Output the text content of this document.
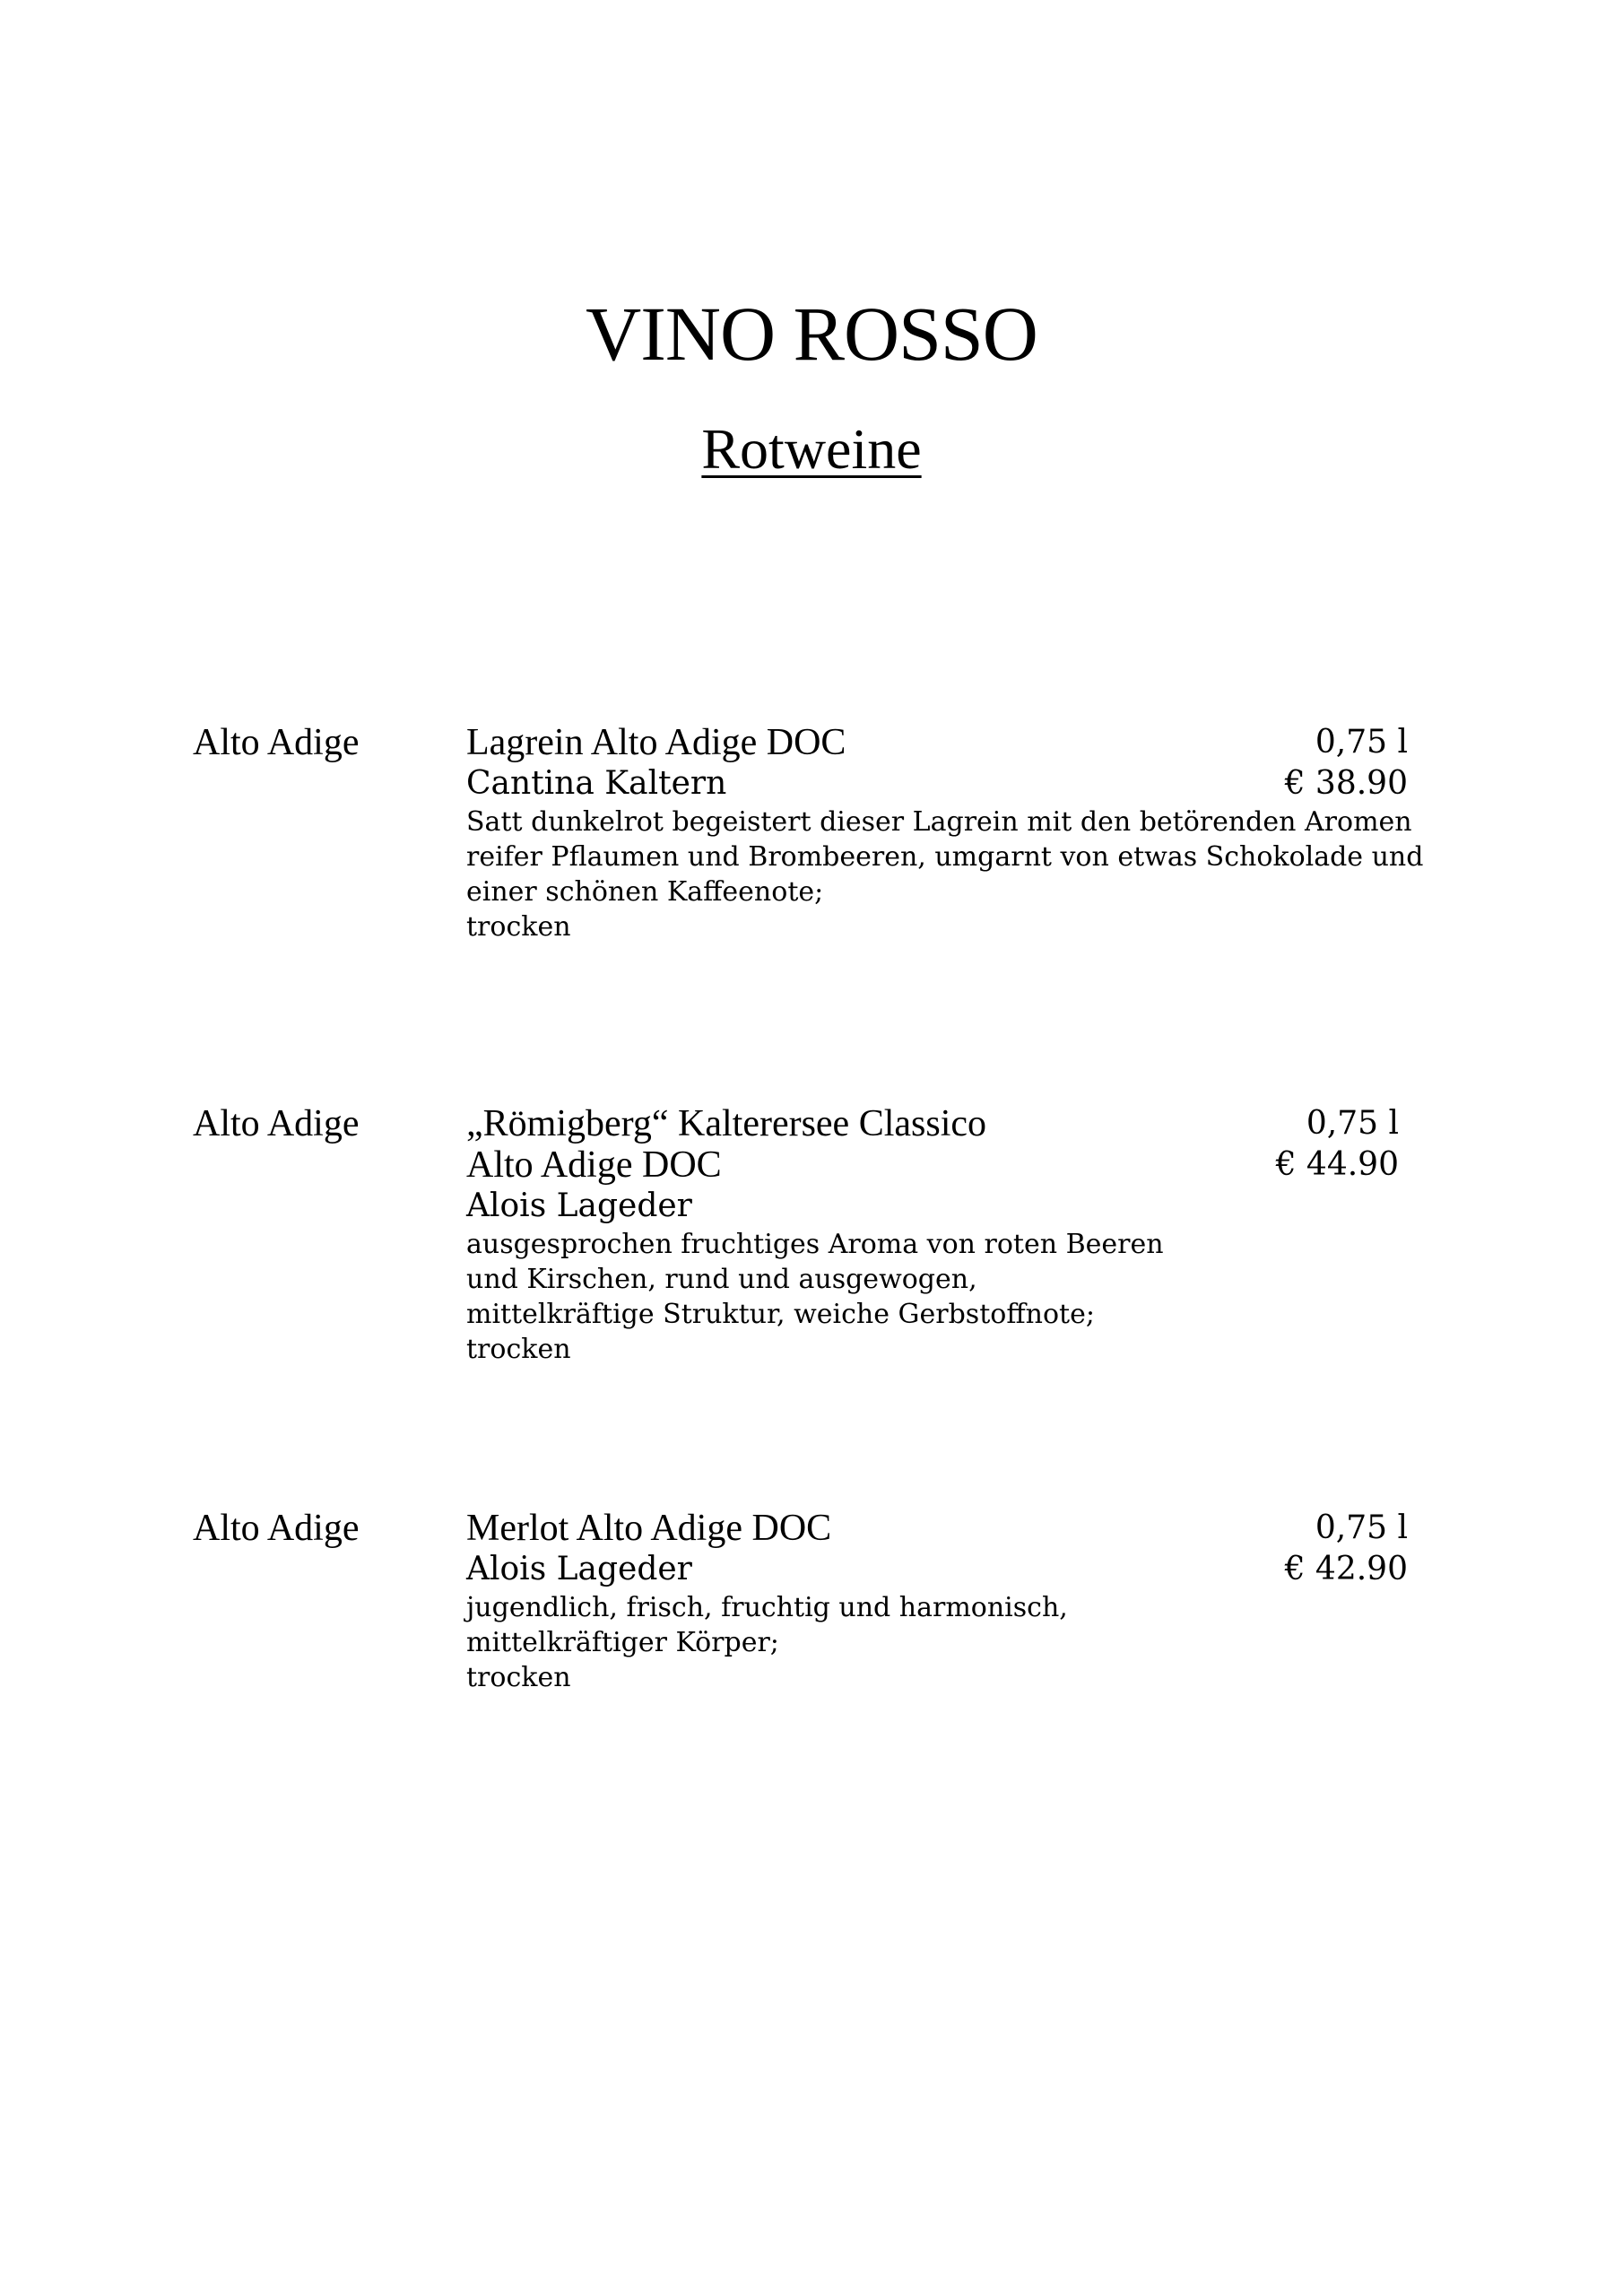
VINO ROSSO
Rotweine
Alto Adige	Lagrein Alto Adige DOC	0,75 l
Cantina Kaltern	€ 38.90
Satt dunkelrot begeistert dieser Lagrein mit den betörenden Aromen
reifer Pflaumen und Brombeeren, umgarnt von etwas Schokolade und
einer schönen Kaffeenote;
trocken
Alto Adige	„Römigberg“ Kalterersee Classico	0,75 l
Alto Adige DOC	€ 44.90
Alois Lageder
ausgesprochen fruchtiges Aroma von roten Beeren
und Kirschen, rund und ausgewogen,
mittelkräftige Struktur, weiche Gerbstoffnote;
trocken
Alto Adige	Merlot Alto Adige DOC	0,75 l
Alois Lageder	€ 42.90
jugendlich, frisch, fruchtig und harmonisch,
mittelkräftiger Körper;
trocken
